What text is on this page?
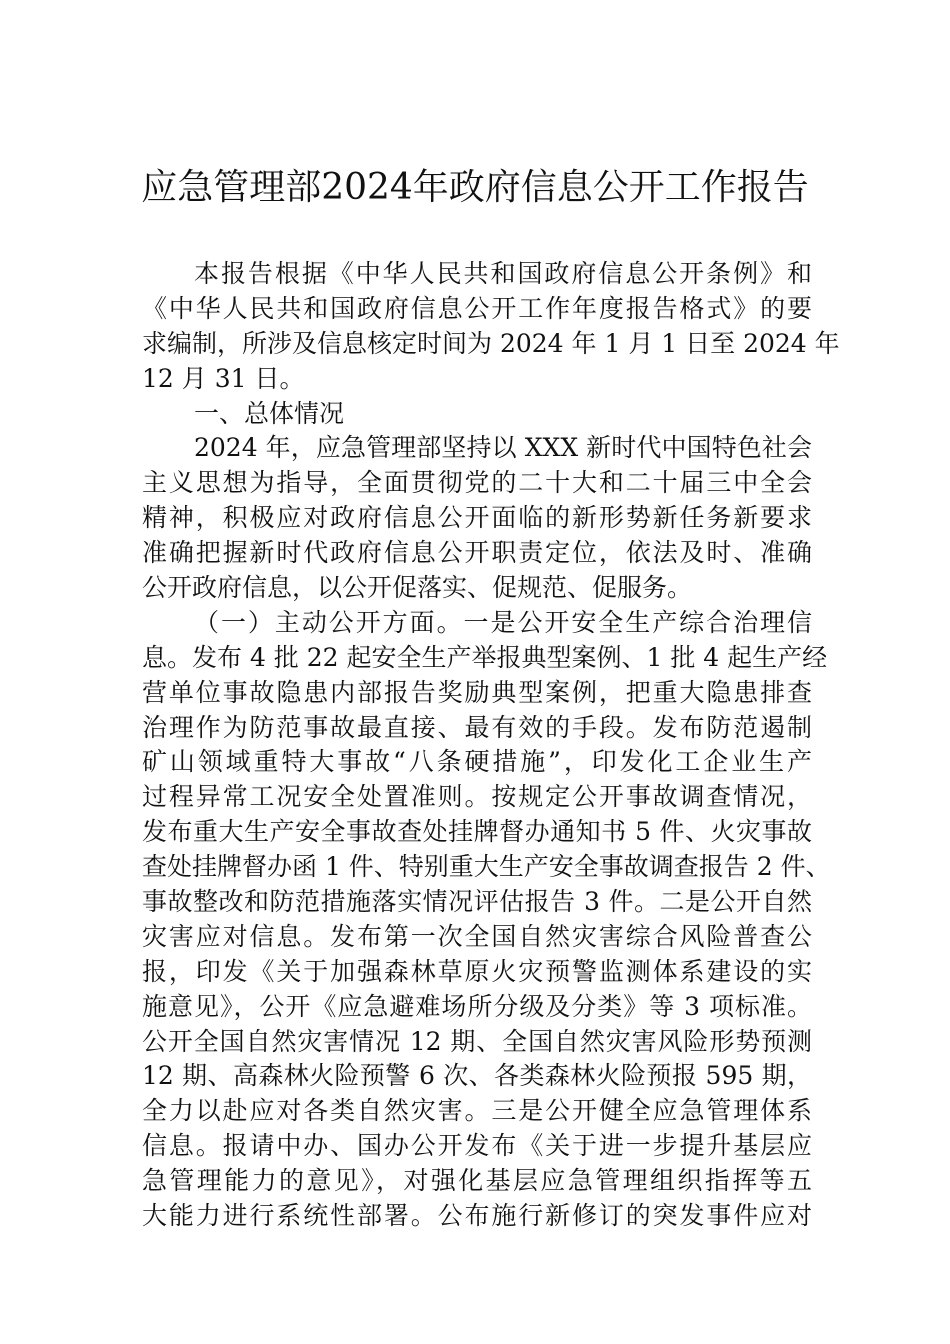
应急管理部2024年政府信息公开工作报告
本报告根据《中华人民共和国政府信息公开条例》和
《中华人民共和国政府信息公开工作年度报告格式》的要
求编制，所涉及信息核定时间为 2024 年 1 月 1 日至 2024 年
12 月 31 日。
一、总体情况
2024 年，应急管理部坚持以 XXX 新时代中国特色社会
主义思想为指导，全面贯彻党的二十大和二十届三中全会
精神，积极应对政府信息公开面临的新形势新任务新要求
准确把握新时代政府信息公开职责定位，依法及时、准确
公开政府信息，以公开促落实、促规范、促服务。
（一）主动公开方面。一是公开安全生产综合治理信
息。发布 4 批 22 起安全生产举报典型案例、1 批 4 起生产经
营单位事故隐患内部报告奖励典型案例，把重大隐患排查
治理作为防范事故最直接、最有效的手段。发布防范遏制
矿山领域重特大事故“八条硬措施”，印发化工企业生产
过程异常工况安全处置准则。按规定公开事故调查情况，
发布重大生产安全事故查处挂牌督办通知书 5 件、火灾事故
查处挂牌督办函 1 件、特别重大生产安全事故调查报告 2 件、
事故整改和防范措施落实情况评估报告 3 件。二是公开自然
灾害应对信息。发布第一次全国自然灾害综合风险普查公
报，印发《关于加强森林草原火灾预警监测体系建设的实
施意见》，公开《应急避难场所分级及分类》等 3 项标准。
公开全国自然灾害情况 12 期、全国自然灾害风险形势预测
12 期、高森林火险预警 6 次、各类森林火险预报 595 期，
全力以赴应对各类自然灾害。三是公开健全应急管理体系
信息。报请中办、国办公开发布《关于进一步提升基层应
急管理能力的意见》，对强化基层应急管理组织指挥等五
大能力进行系统性部署。公布施行新修订的突发事件应对
